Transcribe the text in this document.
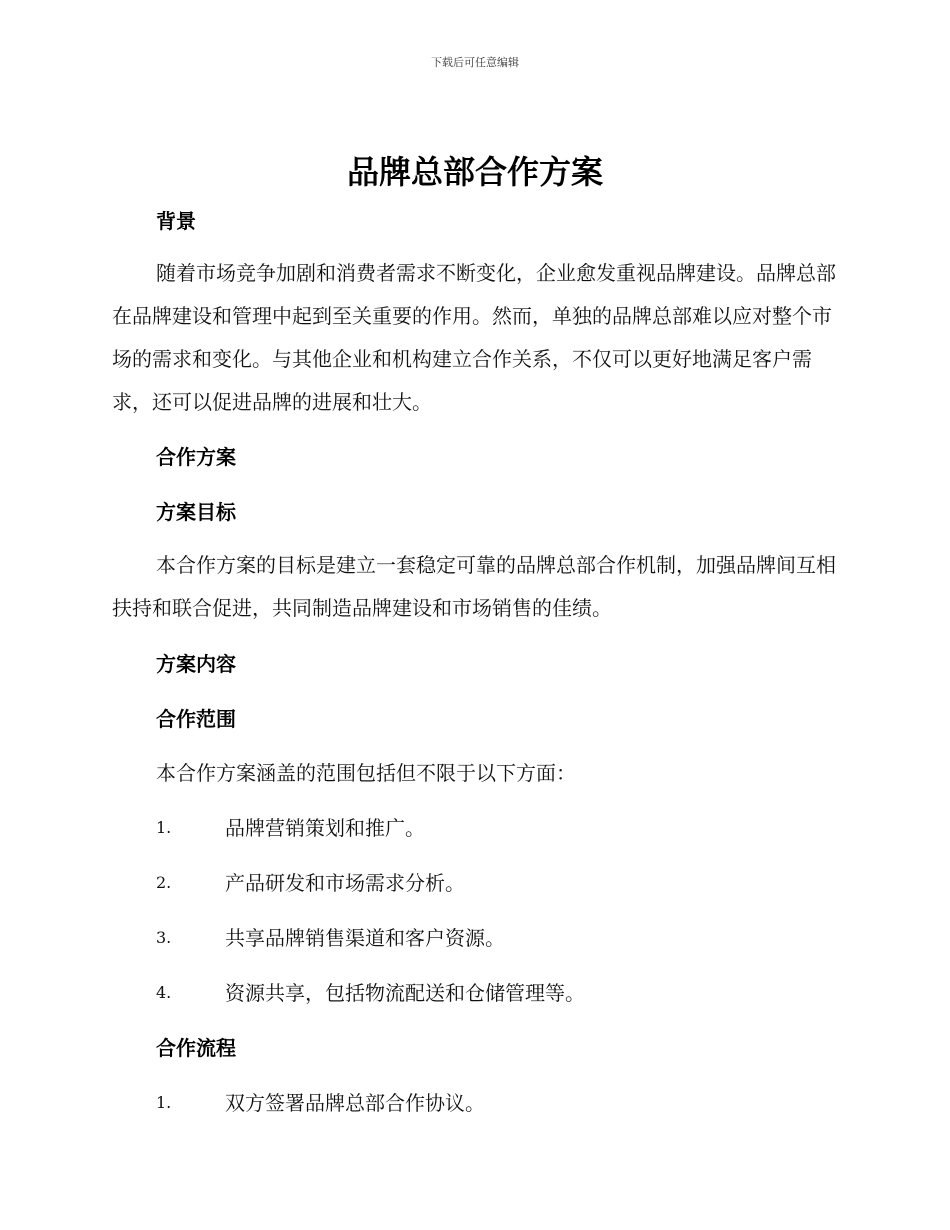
下载后可任意编辑
品牌总部合作方案
背景
随着市场竞争加剧和消费者需求不断变化，企业愈发重视品牌建设。品牌总部在品牌建设和管理中起到至关重要的作用。然而，单独的品牌总部难以应对整个市场的需求和变化。与其他企业和机构建立合作关系，不仅可以更好地满足客户需求，还可以促进品牌的进展和壮大。
合作方案
方案目标
本合作方案的目标是建立一套稳定可靠的品牌总部合作机制，加强品牌间互相扶持和联合促进，共同制造品牌建设和市场销售的佳绩。
方案内容
合作范围
本合作方案涵盖的范围包括但不限于以下方面：
1.	品牌营销策划和推广。
2.	产品研发和市场需求分析。
3.	共享品牌销售渠道和客户资源。
4.	资源共享，包括物流配送和仓储管理等。
合作流程
1.	双方签署品牌总部合作协议。
